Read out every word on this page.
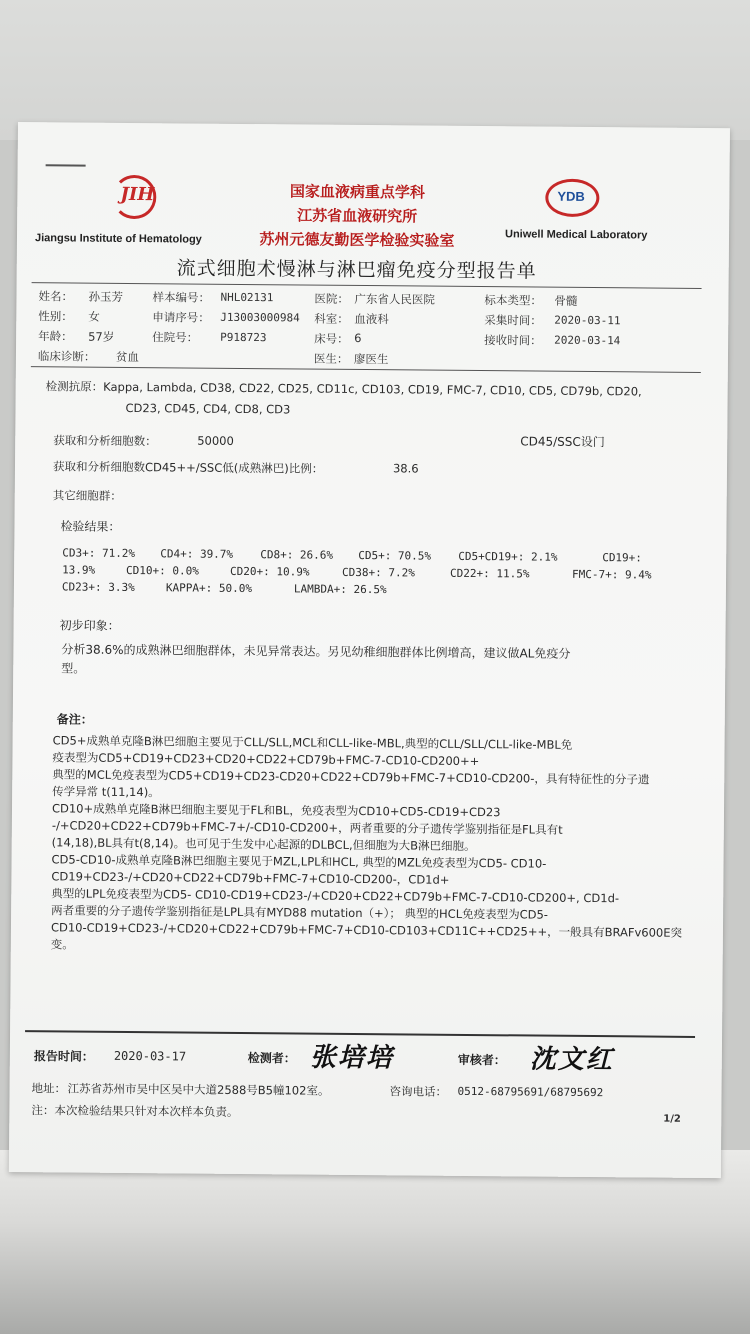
JIH
Jiangsu Institute of Hematology
国家血液病重点学科
江苏省血液研究所
苏州元德友勤医学检验实验室
YDB
Uniwell Medical Laboratory
流式细胞术慢淋与淋巴瘤免疫分型报告单
姓名： 孙玉芳	样本编号： NHL02131	医院： 广东省人民医院	标本类型： 骨髓
性别： 女	申请序号： J13003000984 科室： 血液科	采集时间： 2020-03-11
年龄： 57岁	住院号： P918723	床号： 6	接收时间： 2020-03-14
临床诊断： 贫血	医生： 廖医生
检测抗原：Kappa, Lambda, CD38, CD22, CD25, CD11c, CD103, CD19, FMC-7, CD10, CD5, CD79b, CD20,
CD23, CD45, CD4, CD8, CD3
获取和分析细胞数：	50000	CD45/SSC设门
获取和分析细胞数CD45++/SSC低(成熟淋巴)比例：	38.6
其它细胞群：
检验结果：
CD3+: 71.2% CD4+: 39.7% CD8+: 26.6% CD5+: 70.5% CD5+CD19+: 2.1%	CD19+:
13.9%	CD10+: 0.0%	CD20+: 10.9%	CD38+: 7.2%	CD22+: 11.5%	FMC-7+: 9.4%
CD23+: 3.3%	KAPPA+: 50.0%	LAMBDA+: 26.5%
初步印象：
分析38.6%的成熟淋巴细胞群体，未见异常表达。另见幼稚细胞群体比例增高，建议做AL免疫分
型。
备注：
CD5+成熟单克隆B淋巴细胞主要见于CLL/SLL,MCL和CLL-like-MBL,典型的CLL/SLL/CLL-like-MBL免
疫表型为CD5+CD19+CD23+CD20+CD22+CD79b+FMC-7-CD10-CD200++
典型的MCL免疫表型为CD5+CD19+CD23-CD20+CD22+CD79b+FMC-7+CD10-CD200-，具有特征性的分子遗
传学异常 t(11,14)。
CD10+成熟单克隆B淋巴细胞主要见于FL和BL，免疫表型为CD10+CD5-CD19+CD23
-/+CD20+CD22+CD79b+FMC-7+/-CD10-CD200+，两者重要的分子遗传学鉴别指征是FL具有t
(14,18),BL具有t(8,14)。也可见于生发中心起源的DLBCL,但细胞为大B淋巴细胞。
CD5-CD10-成熟单克隆B淋巴细胞主要见于MZL,LPL和HCL, 典型的MZL免疫表型为CD5- CD10-
CD19+CD23-/+CD20+CD22+CD79b+FMC-7+CD10-CD200-，CD1d+
典型的LPL免疫表型为CD5- CD10-CD19+CD23-/+CD20+CD22+CD79b+FMC-7-CD10-CD200+, CD1d-
两者重要的分子遗传学鉴别指征是LPL具有MYD88 mutation（+）； 典型的HCL免疫表型为CD5-
CD10-CD19+CD23-/+CD20+CD22+CD79b+FMC-7+CD10-CD103+CD11C++CD25++，一般具有BRAFv600E突
变。
报告时间： 2020-03-17	检测者： 张培培	审核者： 沈文红
地址： 江苏省苏州市吴中区吴中大道2588号B5幢102室。	咨询电话： 0512-68795691/68795692
注：本次检验结果只针对本次样本负责。
1/2
